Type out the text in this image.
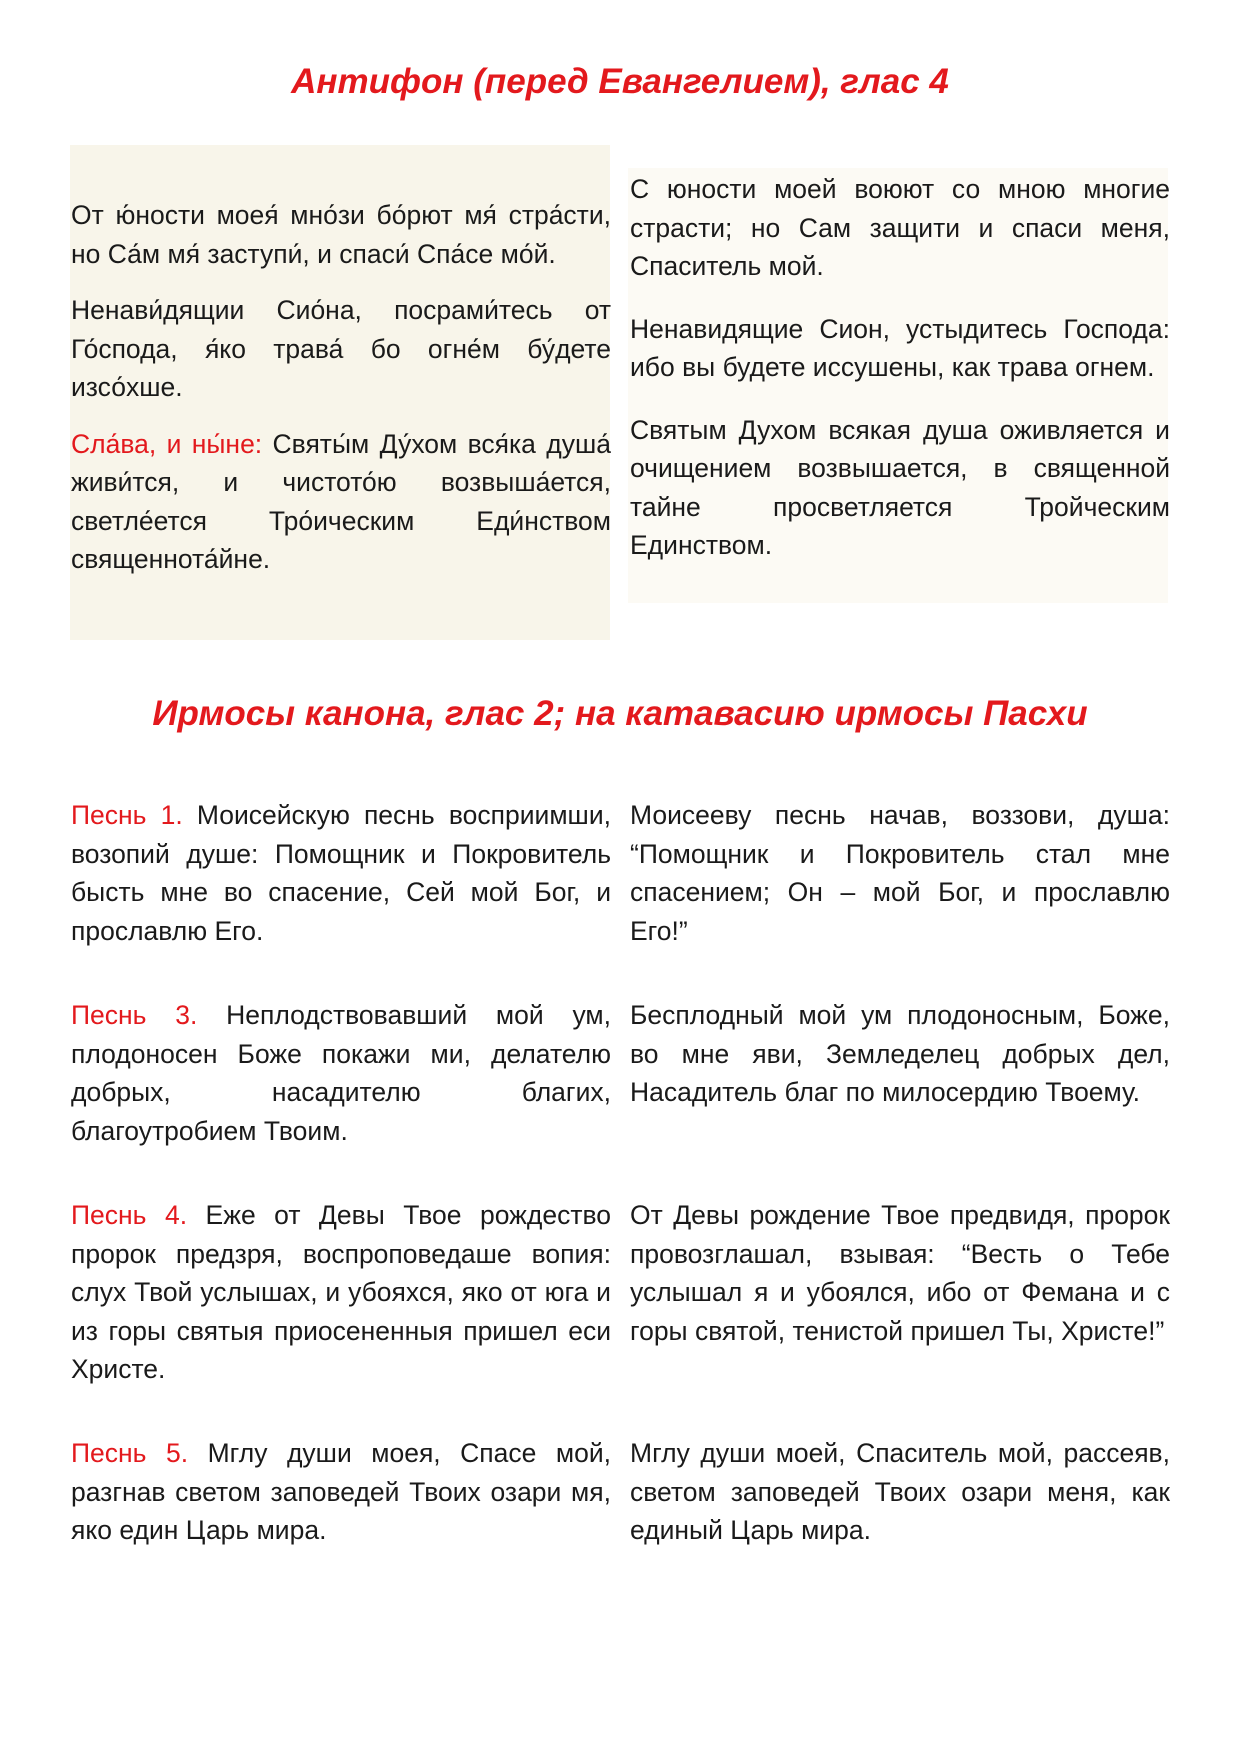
Антифон (перед Евангелием), глас 4

От ю́ности моея́ мно́зи бо́рют мя́ стра́сти, но Са́м мя́ заступи́, и спаси́ Спа́се мо́й.

Ненави́дящии Сио́на, посрами́тесь от Го́спода, я́ко трава́ бо огне́м бу́дете изсо́хше.

Сла́ва, и ны́не: Святы́м Ду́хом вся́ка душа́ живи́тся, и чистото́ю возвыша́ется, светле́ется Тро́ическим Еди́нством священнота́йне.

С юности моей воюют со мною многие страсти; но Сам защити и спаси меня, Спаситель мой.

Ненавидящие Сион, устыдитесь Господа: ибо вы будете иссушены, как трава огнем.

Святым Духом всякая душа оживляется и очищением возвышается, в священной тайне просветляется Тройческим Единством.

Ирмосы канона, глас 2; на катавасию ирмосы Пасхи

Песнь 1. Моисейскую песнь восприимши, возопий душе: Помощник и Покровитель бысть мне во спасение, Сей мой Бог, и прославлю Его.

Моисееву песнь начав, воззови, душа: “Помощник и Покровитель стал мне спасением; Он – мой Бог, и прославлю Его!”

Песнь 3. Неплодствовавший мой ум, плодоносен Боже покажи ми, делателю добрых, насадителю благих, благоутробием Твоим.

Бесплодный мой ум плодоносным, Боже, во мне яви, Земледелец добрых дел, Насадитель благ по милосердию Твоему.

Песнь 4. Еже от Девы Твое рождество пророк предзря, воспроповедаше вопия: слух Твой услышах, и убояхся, яко от юга и из горы святыя приосененныя пришел еси Христе.

От Девы рождение Твое предвидя, пророк провозглашал, взывая: “Весть о Тебе услышал я и убоялся, ибо от Фемана и с горы святой, тенистой пришел Ты, Христе!”

Песнь 5. Мглу души моея, Спасе мой, разгнав светом заповедей Твоих озари мя, яко един Царь мира.

Мглу души моей, Спаситель мой, рассеяв, светом заповедей Твоих озари меня, как единый Царь мира.
